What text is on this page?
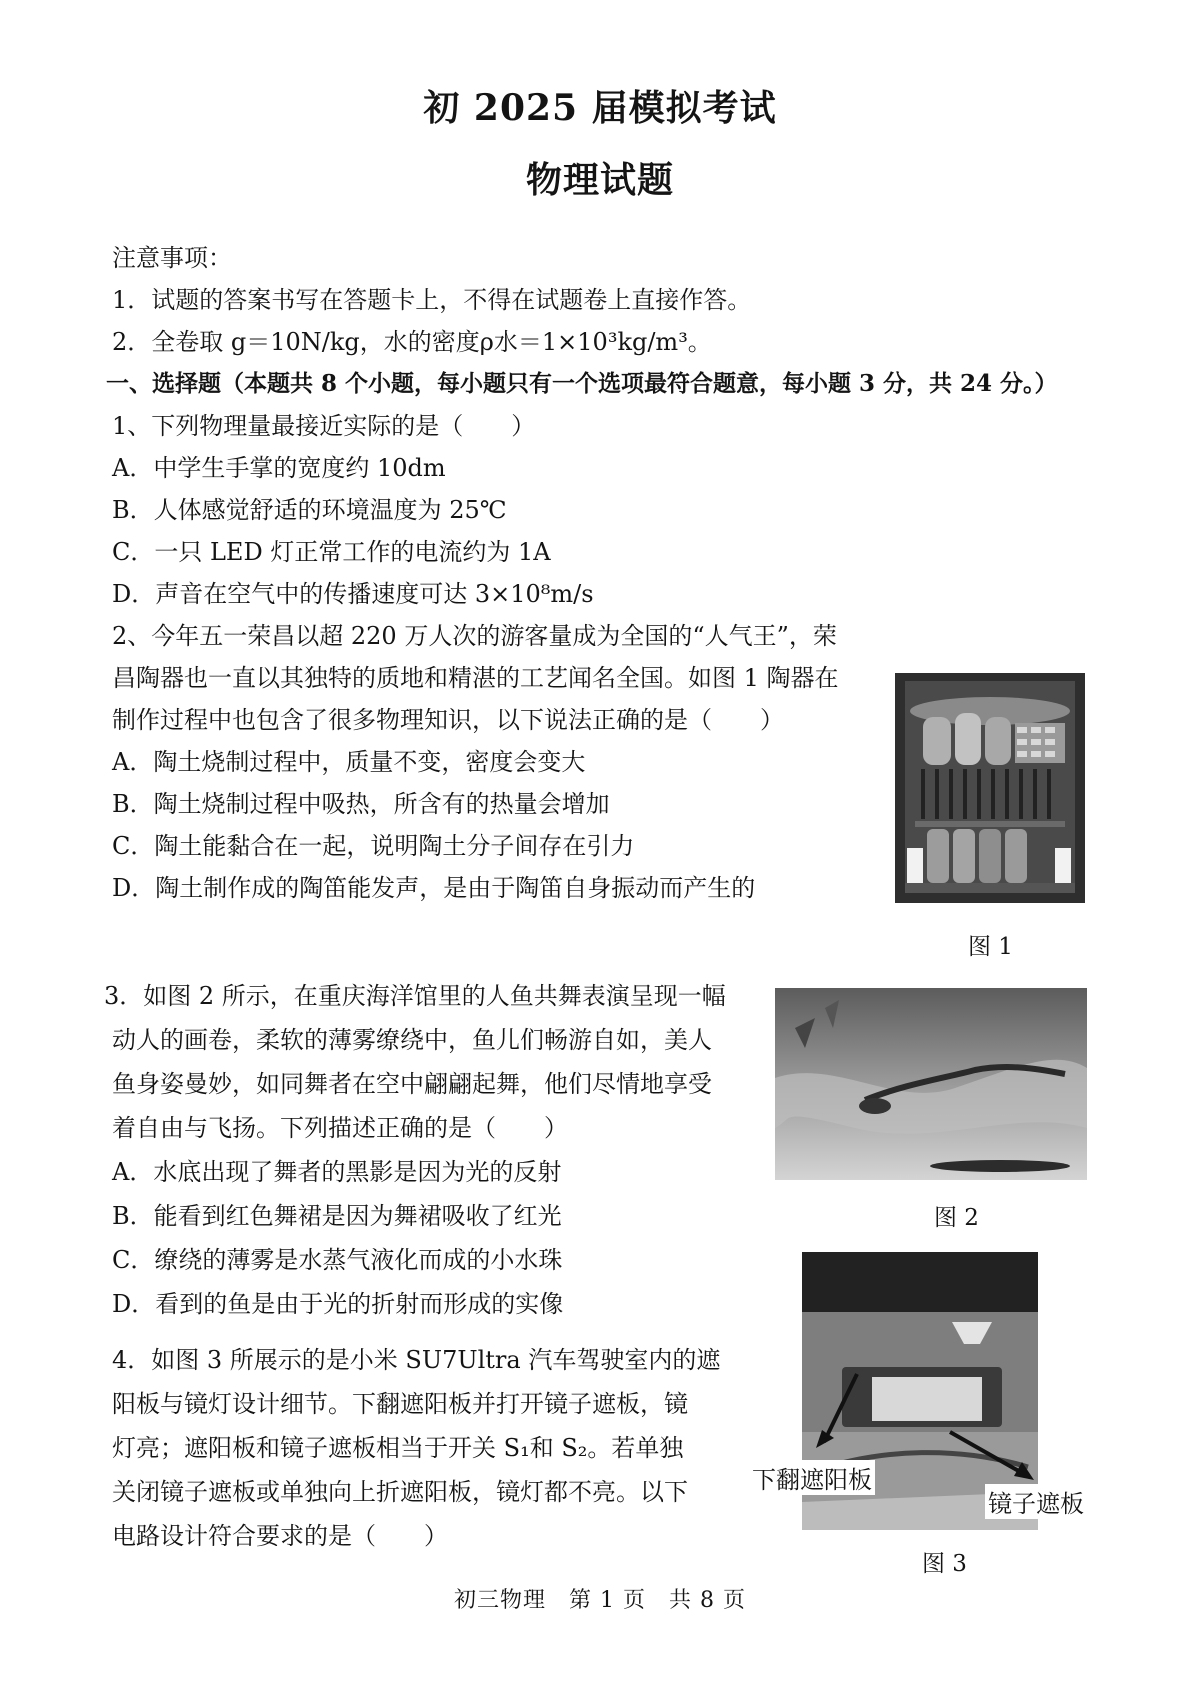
初 2025 届模拟考试
物理试题
注意事项：
1．试题的答案书写在答题卡上，不得在试题卷上直接作答。
2．全卷取 g＝10N/kg，水的密度ρ水＝1×10³kg/m³。
一、选择题（本题共 8 个小题，每小题只有一个选项最符合题意，每小题 3 分，共 24 分。）
1、下列物理量最接近实际的是（　　）
A．中学生手掌的宽度约 10dm
B．人体感觉舒适的环境温度为 25℃
C．一只 LED 灯正常工作的电流约为 1A
D．声音在空气中的传播速度可达 3×10⁸m/s
2、今年五一荣昌以超 220 万人次的游客量成为全国的“人气王”，荣
昌陶器也一直以其独特的质地和精湛的工艺闻名全国。如图 1 陶器在
制作过程中也包含了很多物理知识，以下说法正确的是（　　）
A．陶土烧制过程中，质量不变，密度会变大
B．陶土烧制过程中吸热，所含有的热量会增加
C．陶土能黏合在一起，说明陶土分子间存在引力
D．陶土制作成的陶笛能发声，是由于陶笛自身振动而产生的
图 1
3．如图 2 所示，在重庆海洋馆里的人鱼共舞表演呈现一幅
动人的画卷，柔软的薄雾缭绕中，鱼儿们畅游自如，美人
鱼身姿曼妙，如同舞者在空中翩翩起舞，他们尽情地享受
着自由与飞扬。下列描述正确的是（　　）
A．水底出现了舞者的黑影是因为光的反射
B．能看到红色舞裙是因为舞裙吸收了红光
C．缭绕的薄雾是水蒸气液化而成的小水珠
D．看到的鱼是由于光的折射而形成的实像
图 2
4．如图 3 所展示的是小米 SU7Ultra 汽车驾驶室内的遮
阳板与镜灯设计细节。下翻遮阳板并打开镜子遮板，镜
灯亮；遮阳板和镜子遮板相当于开关 S₁和 S₂。若单独
关闭镜子遮板或单独向上折遮阳板，镜灯都不亮。以下
电路设计符合要求的是（　　）
下翻遮阳板
镜子遮板
图 3
初三物理　第 1 页　共 8 页
